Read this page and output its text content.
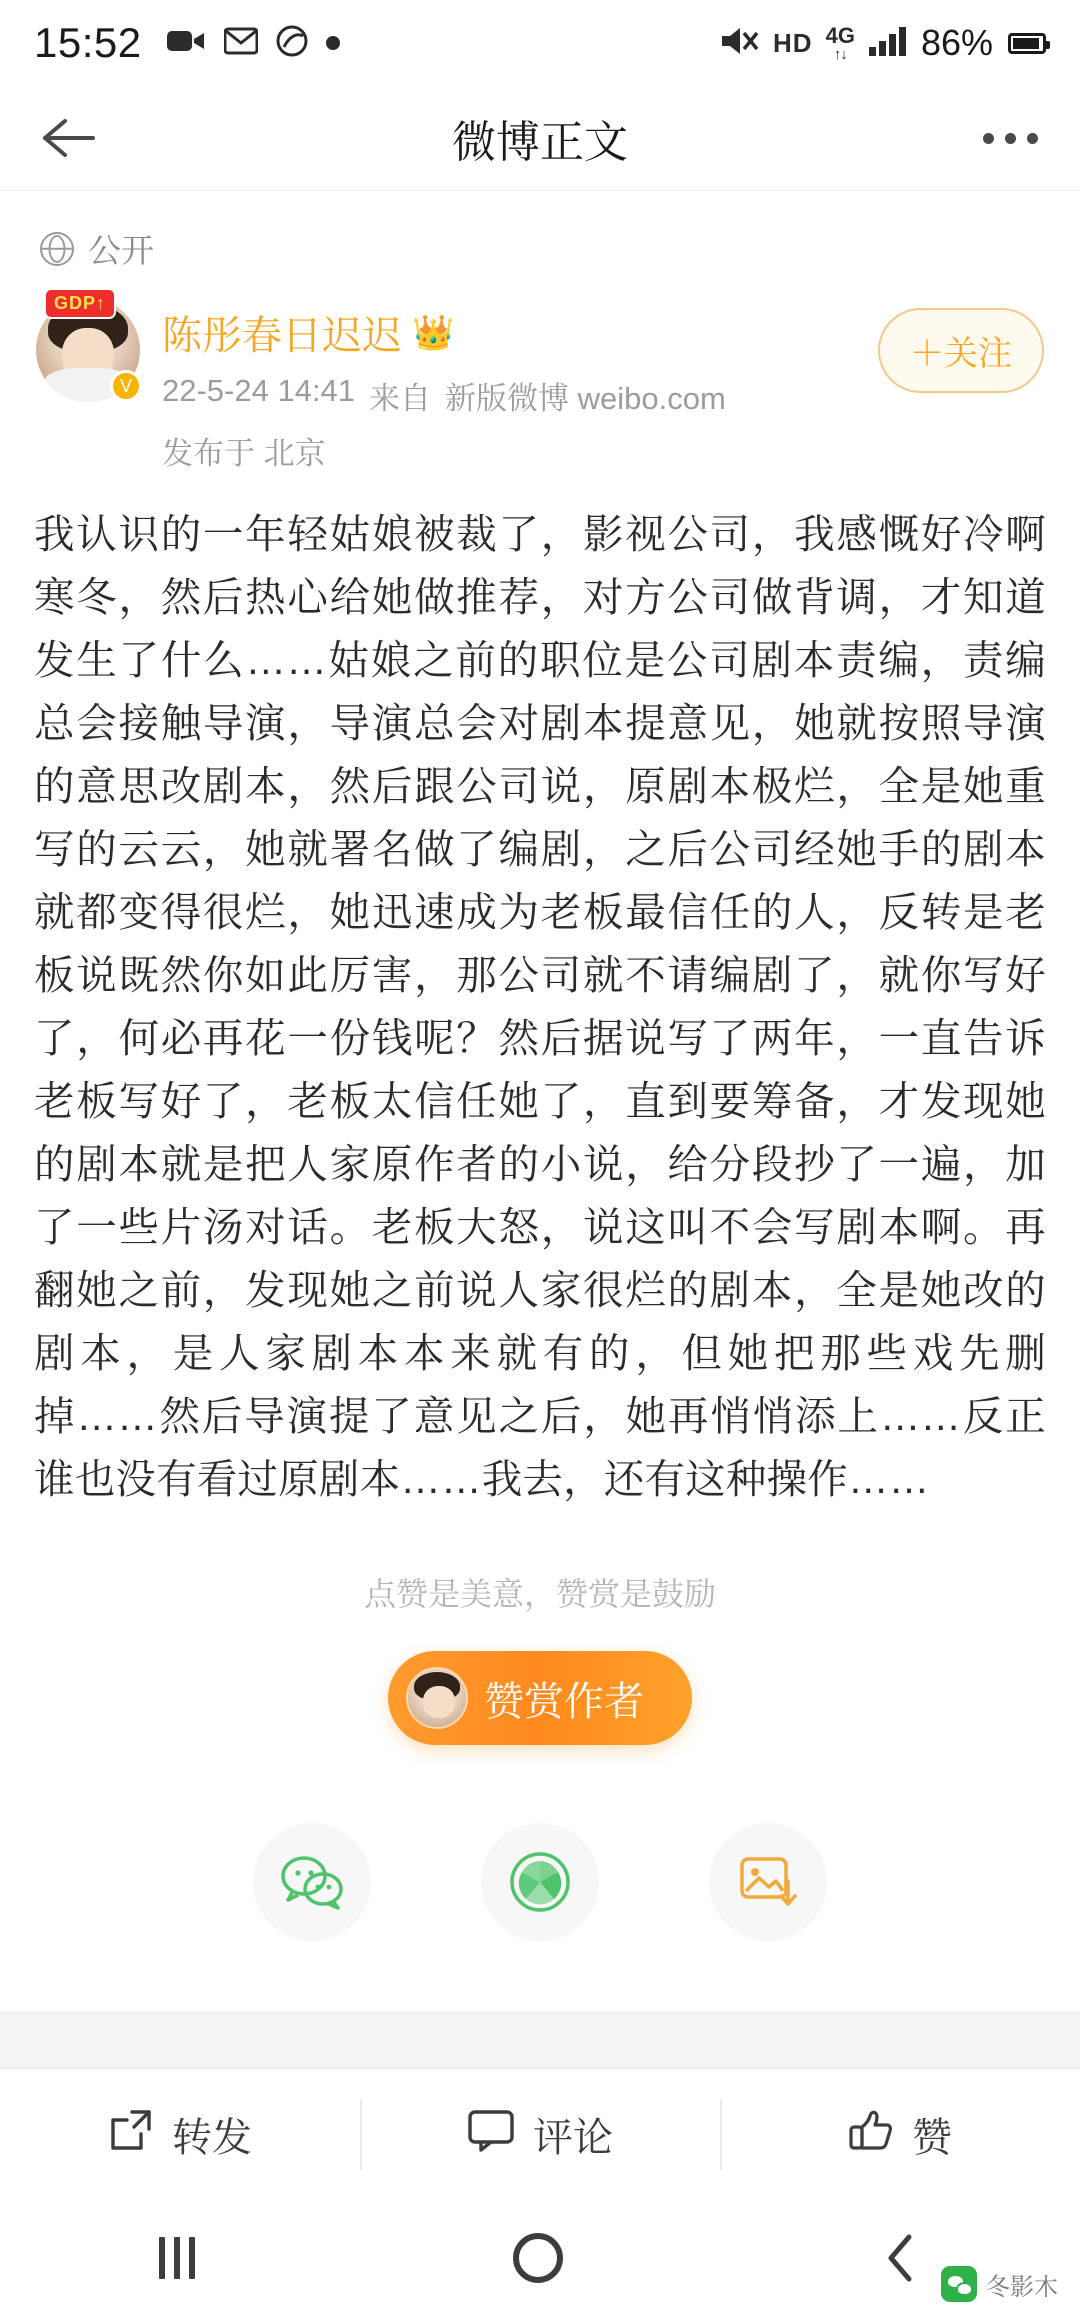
15:52	HD 4G
↑↓ 86%
微博正文
公开
GDP↑
V
陈彤春日迟迟 👑
22-5-24 14:41 来自 新版微博 weibo.com
发布于 北京
＋关注
我认识的一年轻姑娘被裁了，影视公司，我感慨好冷啊寒冬，然后热心给她做推荐，对方公司做背调，才知道发生了什么……姑娘之前的职位是公司剧本责编，责编总会接触导演，导演总会对剧本提意见，她就按照导演的意思改剧本，然后跟公司说，原剧本极烂，全是她重写的云云，她就署名做了编剧，之后公司经她手的剧本就都变得很烂，她迅速成为老板最信任的人，反转是老板说既然你如此厉害，那公司就不请编剧了，就你写好了，何必再花一份钱呢？然后据说写了两年，一直告诉老板写好了，老板太信任她了，直到要筹备，才发现她的剧本就是把人家原作者的小说，给分段抄了一遍，加了一些片汤对话。老板大怒，说这叫不会写剧本啊。再翻她之前，发现她之前说人家很烂的剧本，全是她改的剧本，是人家剧本本来就有的，但她把那些戏先删掉……然后导演提了意见之后，她再悄悄添上……反正谁也没有看过原剧本……我去，还有这种操作……
点赞是美意，赞赏是鼓励
赞赏作者
转发	评论	赞
冬影木
